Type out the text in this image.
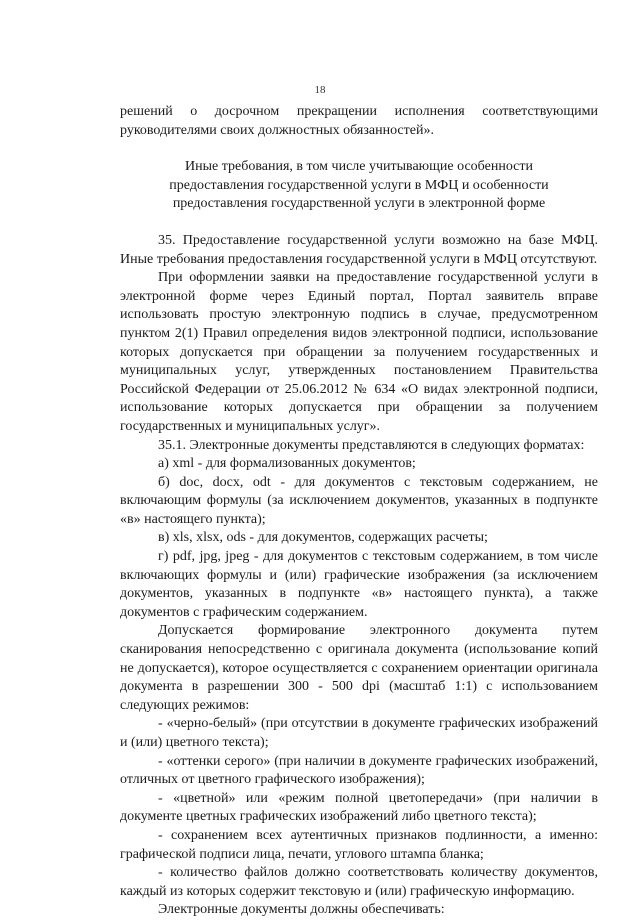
18

решений о досрочном прекращении исполнения соответствующими руководителями своих должностных обязанностей».

Иные требования, в том числе учитывающие особенности
предоставления государственной услуги в МФЦ и особенности
предоставления государственной услуги в электронной форме

35. Предоставление государственной услуги возможно на базе МФЦ. Иные требования предоставления государственной услуги в МФЦ отсутствуют.

При оформлении заявки на предоставление государственной услуги в электронной форме через Единый портал, Портал заявитель вправе использовать простую электронную подпись в случае, предусмотренном пунктом 2(1) Правил определения видов электронной подписи, использование которых допускается при обращении за получением государственных и муниципальных услуг, утвержденных постановлением Правительства Российской Федерации от 25.06.2012 № 634 «О видах электронной подписи, использование которых допускается при обращении за получением государственных и муниципальных услуг».

35.1. Электронные документы представляются в следующих форматах:

а) xml - для формализованных документов;

б) doc, docx, odt - для документов с текстовым содержанием, не включающим формулы (за исключением документов, указанных в подпункте «в» настоящего пункта);

в) xls, xlsx, ods - для документов, содержащих расчеты;

г) pdf, jpg, jpeg - для документов с текстовым содержанием, в том числе включающих формулы и (или) графические изображения (за исключением документов, указанных в подпункте «в» настоящего пункта), а также документов с графическим содержанием.

Допускается формирование электронного документа путем сканирования непосредственно с оригинала документа (использование копий не допускается), которое осуществляется с сохранением ориентации оригинала документа в разрешении 300 - 500 dpi (масштаб 1:1) с использованием следующих режимов:

- «черно-белый» (при отсутствии в документе графических изображений и (или) цветного текста);

- «оттенки серого» (при наличии в документе графических изображений, отличных от цветного графического изображения);

- «цветной» или «режим полной цветопередачи» (при наличии в документе цветных графических изображений либо цветного текста);

- сохранением всех аутентичных признаков подлинности, а именно: графической подписи лица, печати, углового штампа бланка;

- количество файлов должно соответствовать количеству документов, каждый из которых содержит текстовую и (или) графическую информацию.

Электронные документы должны обеспечивать:
